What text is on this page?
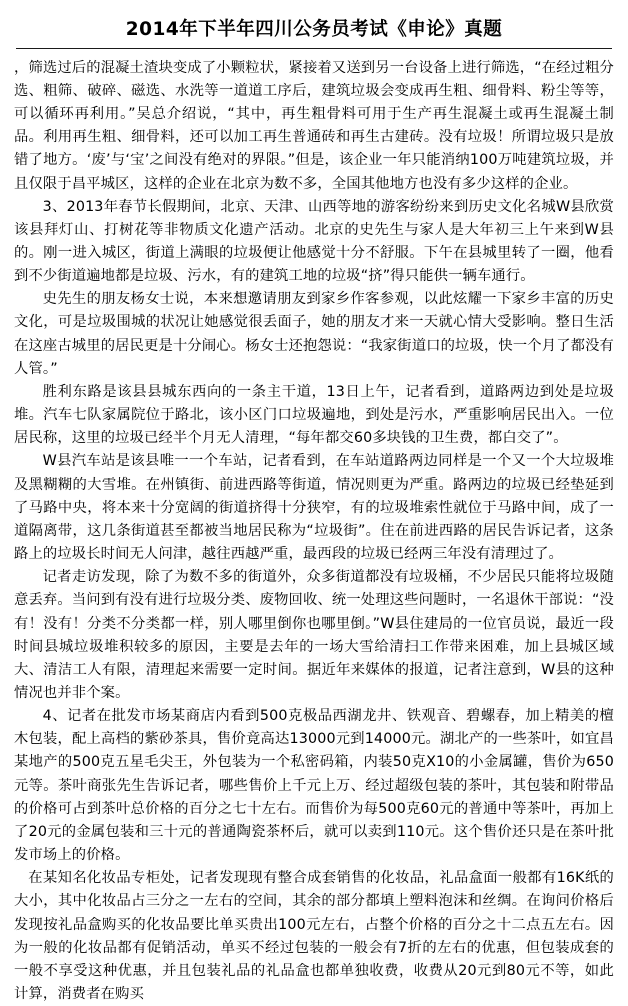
2014年下半年四川公务员考试《申论》真题

，筛选过后的混凝土渣块变成了小颗粒状，紧接着又送到另一台设备上进行筛选，“在经过粗分选、粗筛、破碎、磁选、水洗等一道道工序后，建筑垃圾会变成再生粗、细骨料、粉尘等等，可以循环再利用。”吴总介绍说，“其中，再生粗骨料可用于生产再生混凝土或再生混凝土制品。利用再生粗、细骨料，还可以加工再生普通砖和再生古建砖。没有垃圾！所谓垃圾只是放错了地方。‘废’与‘宝’之间没有绝对的界限。”但是，该企业一年只能消纳100万吨建筑垃圾，并且仅限于昌平城区，这样的企业在北京为数不多，全国其他地方也没有多少这样的企业。

3、2013年春节长假期间，北京、天津、山西等地的游客纷纷来到历史文化名城W县欣赏该县拜灯山、打树花等非物质文化遗产活动。北京的史先生与家人是大年初三上午来到W县的。刚一进入城区，街道上满眼的垃圾便让他感觉十分不舒服。下午在县城里转了一圈，他看到不少街道遍地都是垃圾、污水，有的建筑工地的垃圾“挤”得只能供一辆车通行。

史先生的朋友杨女士说，本来想邀请朋友到家乡作客参观，以此炫耀一下家乡丰富的历史文化，可是垃圾围城的状况让她感觉很丢面子，她的朋友才来一天就心情大受影响。整日生活在这座古城里的居民更是十分闹心。杨女士还抱怨说：“我家街道口的垃圾，快一个月了都没有人管。”

胜利东路是该县县城东西向的一条主干道，13日上午，记者看到，道路两边到处是垃圾堆。汽车七队家属院位于路北，该小区门口垃圾遍地，到处是污水，严重影响居民出入。一位居民称，这里的垃圾已经半个月无人清理，“每年都交60多块钱的卫生费，都白交了”。

W县汽车站是该县唯一一个车站，记者看到，在车站道路两边同样是一个又一个大垃圾堆及黑糊糊的大雪堆。在州镇街、前进西路等街道，情况则更为严重。路两边的垃圾已经垫延到了马路中央，将本来十分宽阔的街道挤得十分狭窄，有的垃圾堆索性就位于马路中间，成了一道隔离带，这几条街道甚至都被当地居民称为“垃圾街”。住在前进西路的居民告诉记者，这条路上的垃圾长时间无人问津，越往西越严重，最西段的垃圾已经两三年没有清理过了。

记者走访发现，除了为数不多的街道外，众多街道都没有垃圾桶，不少居民只能将垃圾随意丢弃。当问到有没有进行垃圾分类、废物回收、统一处理这些问题时，一名退休干部说：“没有！没有！分类不分类都一样，别人哪里倒你也哪里倒。”W县住建局的一位官员说，最近一段时间县城垃圾堆积较多的原因，主要是去年的一场大雪给清扫工作带来困难，加上县城区域大、清洁工人有限，清理起来需要一定时间。据近年来媒体的报道，记者注意到，W县的这种情况也并非个案。

4、记者在批发市场某商店内看到500克极品西湖龙井、铁观音、碧螺春，加上精美的檀木包装，配上高档的紫砂茶具，售价竟高达13000元到14000元。湖北产的一些茶叶，如宜昌某地产的500克五星毛尖王，外包装为一个私密码箱，内装50克X10的小金属罐，售价为650元等。茶叶商张先生告诉记者，哪些售价上千元上万、经过超级包装的茶叶，其包装和附带品的价格可占到茶叶总价格的百分之七十左右。而售价为每500克60元的普通中等茶叶，再加上了20元的金属包装和三十元的普通陶瓷茶杯后，就可以卖到110元。这个售价还只是在茶叶批发市场上的价格。

在某知名化妆品专柜处，记者发现现有整合成套销售的化妆品，礼品盒面一般都有16K纸的大小，其中化妆品占三分之一左右的空间，其余的部分都填上塑料泡沫和丝绸。在询问价格后发现按礼品盒购买的化妆品要比单买贵出100元左右，占整个价格的百分之十二点五左右。因为一般的化妆品都有促销活动，单买不经过包装的一般会有7折的左右的优惠，但包装成套的一般不享受这种优惠，并且包装礼品的礼品盒也都单独收费，收费从20元到80元不等，如此计算，消费者在购买
